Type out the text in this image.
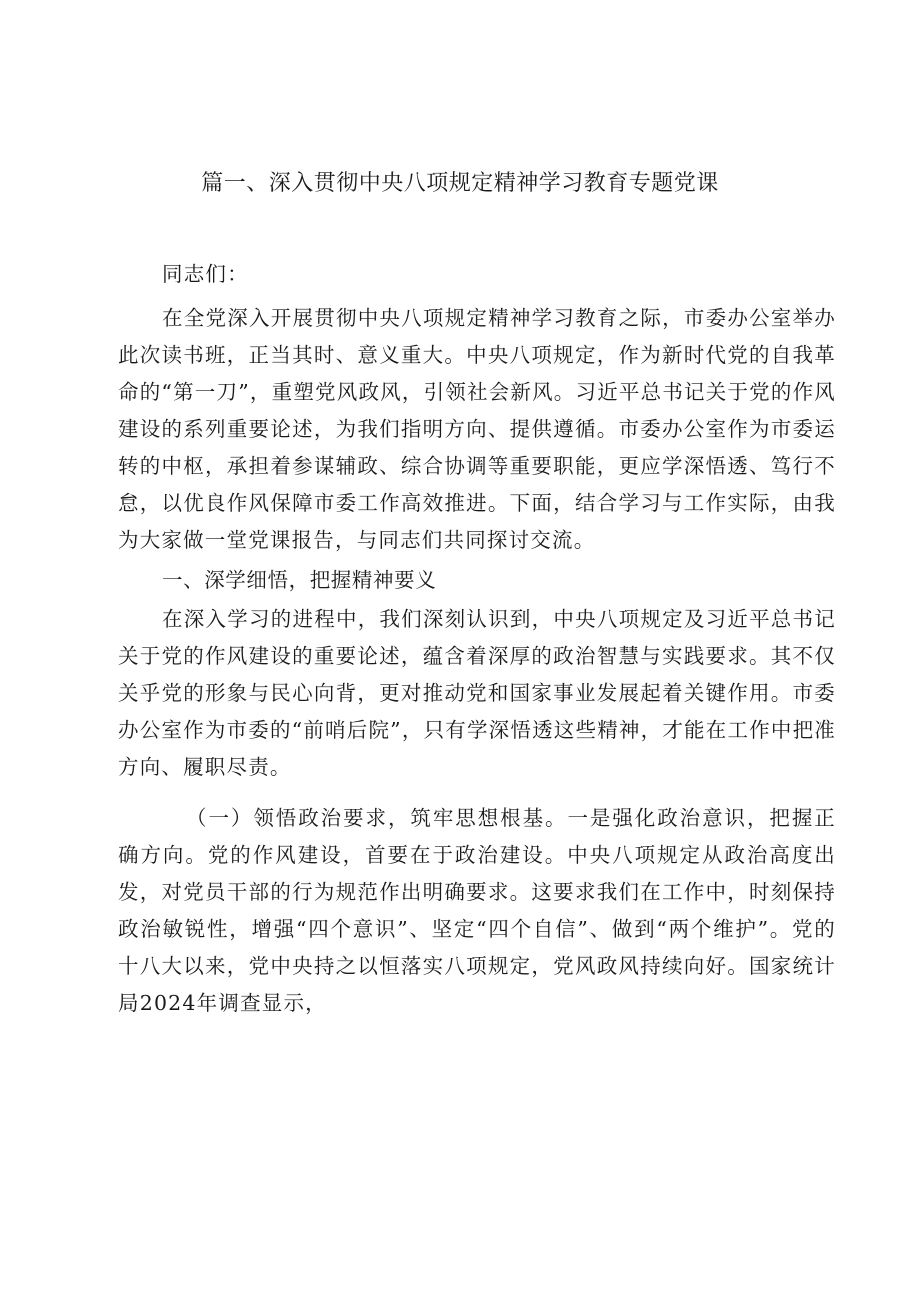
篇一、深入贯彻中央八项规定精神学习教育专题党课

同志们：

在全党深入开展贯彻中央八项规定精神学习教育之际，市委办公室举办此次读书班，正当其时、意义重大。中央八项规定，作为新时代党的自我革命的“第一刀”，重塑党风政风，引领社会新风。习近平总书记关于党的作风建设的系列重要论述，为我们指明方向、提供遵循。市委办公室作为市委运转的中枢，承担着参谋辅政、综合协调等重要职能，更应学深悟透、笃行不怠，以优良作风保障市委工作高效推进。下面，结合学习与工作实际，由我为大家做一堂党课报告，与同志们共同探讨交流。

一、深学细悟，把握精神要义

在深入学习的进程中，我们深刻认识到，中央八项规定及习近平总书记关于党的作风建设的重要论述，蕴含着深厚的政治智慧与实践要求。其不仅关乎党的形象与民心向背，更对推动党和国家事业发展起着关键作用。市委办公室作为市委的“前哨后院”，只有学深悟透这些精神，才能在工作中把准方向、履职尽责。

（一）领悟政治要求，筑牢思想根基。一是强化政治意识，把握正确方向。党的作风建设，首要在于政治建设。中央八项规定从政治高度出发，对党员干部的行为规范作出明确要求。这要求我们在工作中，时刻保持政治敏锐性，增强“四个意识”、坚定“四个自信”、做到“两个维护”。党的十八大以来，党中央持之以恒落实八项规定，党风政风持续向好。国家统计局2024年调查显示，
